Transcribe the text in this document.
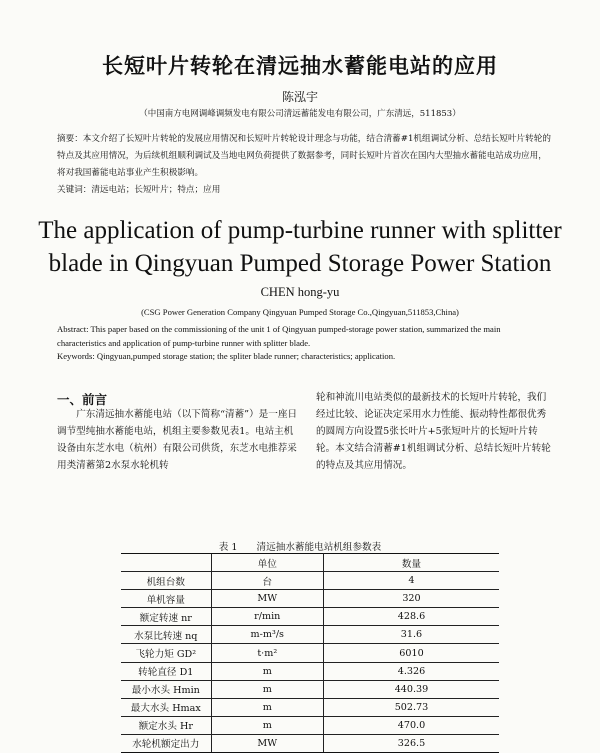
长短叶片转轮在清远抽水蓄能电站的应用
陈泓宇
（中国南方电网调峰调频发电有限公司清远蓄能发电有限公司，广东清远，511853）
摘要：本文介绍了长短叶片转轮的发展应用情况和长短叶片转轮设计理念与功能，结合清蓄#1机组调试分析、总结长短叶片转轮的特点及其应用情况，为后续机组顺利调试及当地电网负荷提供了数据参考，同时长短叶片首次在国内大型抽水蓄能电站成功应用，将对我国蓄能电站事业产生积极影响。
关键词：清远电站；长短叶片；特点；应用
The application of pump-turbine runner with splitter
blade in Qingyuan Pumped Storage Power Station
CHEN hong-yu
(CSG Power Generation Company Qingyuan Pumped Storage Co.,Qingyuan,511853,China)
Abstract: This paper based on the commissioning of the unit 1 of Qingyuan pumped-storage power station, summarized the main characteristics and application of pump-turbine runner with splitter blade.
Keywords: Qingyuan,pumped storage station; the spliter blade runner; characteristics; application.
一、前言
广东清远抽水蓄能电站（以下简称“清蓄”）是一座日调节型纯抽水蓄能电站，机组主要参数见表1。电站主机设备由东芝水电（杭州）有限公司供货，东芝水电推荐采用类清蓄第2水泵水轮机转
轮和神流川电站类似的最新技术的长短叶片转轮，我们经过比较、论证决定采用水力性能、振动特性都很优秀的圆周方向设置5张长叶片+5张短叶片的长短叶片转轮。本文结合清蓄#1机组调试分析、总结长短叶片转轮的特点及其应用情况。
表 1 清远抽水蓄能电站机组参数表
	单位	数量
机组台数	台	4
单机容量	MW	320
额定转速 nr	r/min	428.6
水泵比转速 nq	m-m³/s	31.6
飞轮力矩 GD²	t·m²	6010
转轮直径 D1	m	4.326
最小水头 Hmin	m	440.39
最大水头 Hmax	m	502.73
额定水头 Hr	m	470.0
水轮机额定出力	MW	326.5
